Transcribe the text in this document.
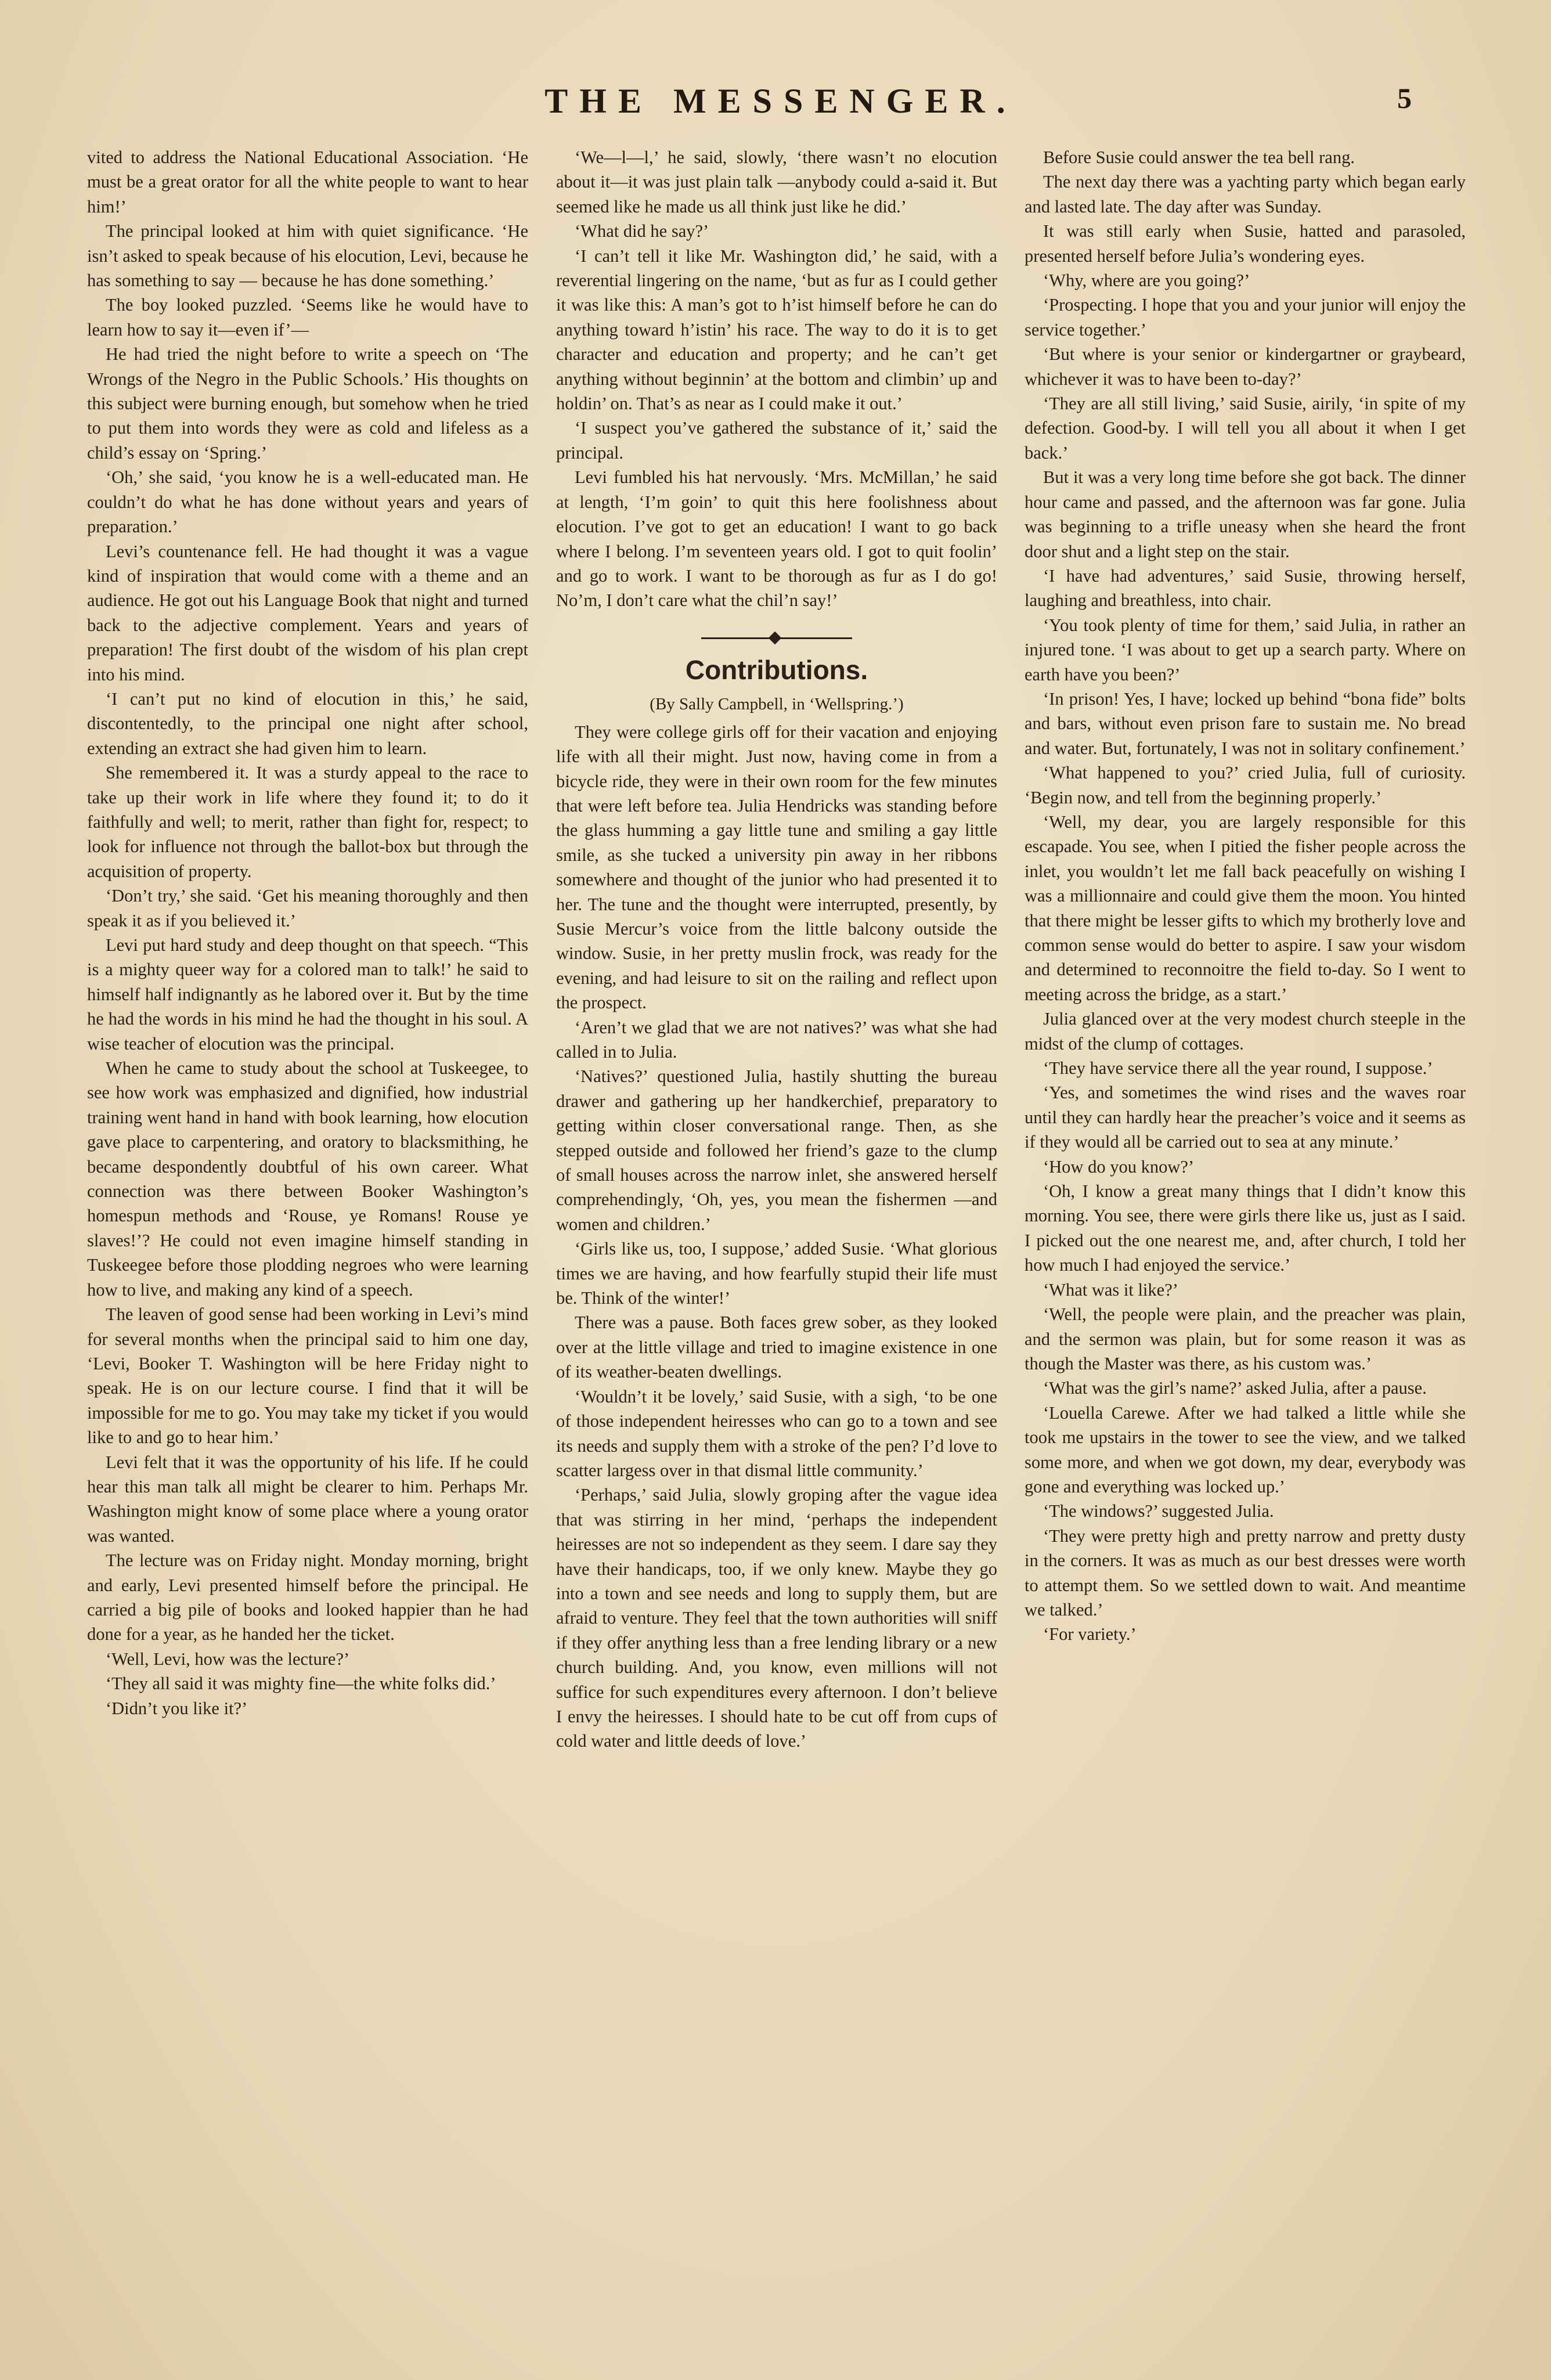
THE MESSENGER.	5

vited to address the National Educational Association. ‘He must be a great orator for all the white people to want to hear him!’

The principal looked at him with quiet significance. ‘He isn’t asked to speak because of his elocution, Levi, because he has something to say — because he has done something.’

The boy looked puzzled. ‘Seems like he would have to learn how to say it—even if’—

He had tried the night before to write a speech on ‘The Wrongs of the Negro in the Public Schools.’ His thoughts on this subject were burning enough, but somehow when he tried to put them into words they were as cold and lifeless as a child’s essay on ‘Spring.’

‘Oh,’ she said, ‘you know he is a well-educated man. He couldn’t do what he has done without years and years of preparation.’

Levi’s countenance fell. He had thought it was a vague kind of inspiration that would come with a theme and an audience. He got out his Language Book that night and turned back to the adjective complement. Years and years of preparation! The first doubt of the wisdom of his plan crept into his mind.

‘I can’t put no kind of elocution in this,’ he said, discontentedly, to the principal one night after school, extending an extract she had given him to learn.

She remembered it. It was a sturdy appeal to the race to take up their work in life where they found it; to do it faithfully and well; to merit, rather than fight for, respect; to look for influence not through the ballot-box but through the acquisition of property.

‘Don’t try,’ she said. ‘Get his meaning thoroughly and then speak it as if you believed it.’

Levi put hard study and deep thought on that speech. “This is a mighty queer way for a colored man to talk!’ he said to himself half indignantly as he labored over it. But by the time he had the words in his mind he had the thought in his soul. A wise teacher of elocution was the principal.

When he came to study about the school at Tuskeegee, to see how work was emphasized and dignified, how industrial training went hand in hand with book learning, how elocution gave place to carpentering, and oratory to blacksmithing, he became despondently doubtful of his own career. What connection was there between Booker Washington’s homespun methods and ‘Rouse, ye Romans! Rouse ye slaves!’? He could not even imagine himself standing in Tuskeegee before those plodding negroes who were learning how to live, and making any kind of a speech.

The leaven of good sense had been working in Levi’s mind for several months when the principal said to him one day, ‘Levi, Booker T. Washington will be here Friday night to speak. He is on our lecture course. I find that it will be impossible for me to go. You may take my ticket if you would like to and go to hear him.’

Levi felt that it was the opportunity of his life. If he could hear this man talk all might be clearer to him. Perhaps Mr. Washington might know of some place where a young orator was wanted.

The lecture was on Friday night. Monday morning, bright and early, Levi presented himself before the principal. He carried a big pile of books and looked happier than he had done for a year, as he handed her the ticket.

‘Well, Levi, how was the lecture?’

‘They all said it was mighty fine—the white folks did.’

‘Didn’t you like it?’

‘We—l—l,’ he said, slowly, ‘there wasn’t no elocution about it—it was just plain talk —anybody could a-said it. But seemed like he made us all think just like he did.’

‘What did he say?’

‘I can’t tell it like Mr. Washington did,’ he said, with a reverential lingering on the name, ‘but as fur as I could gether it was like this: A man’s got to h’ist himself before he can do anything toward h’istin’ his race. The way to do it is to get character and education and property; and he can’t get anything without beginnin’ at the bottom and climbin’ up and holdin’ on. That’s as near as I could make it out.’

‘I suspect you’ve gathered the substance of it,’ said the principal.

Levi fumbled his hat nervously. ‘Mrs. McMillan,’ he said at length, ‘I’m goin’ to quit this here foolishness about elocution. I’ve got to get an education! I want to go back where I belong. I’m seventeen years old. I got to quit foolin’ and go to work. I want to be thorough as fur as I do go! No’m, I don’t care what the chil’n say!’

Contributions.
(By Sally Campbell, in ‘Wellspring.’)

They were college girls off for their vacation and enjoying life with all their might. Just now, having come in from a bicycle ride, they were in their own room for the few minutes that were left before tea. Julia Hendricks was standing before the glass humming a gay little tune and smiling a gay little smile, as she tucked a university pin away in her ribbons somewhere and thought of the junior who had presented it to her. The tune and the thought were interrupted, presently, by Susie Mercur’s voice from the little balcony outside the window. Susie, in her pretty muslin frock, was ready for the evening, and had leisure to sit on the railing and reflect upon the prospect.

‘Aren’t we glad that we are not natives?’ was what she had called in to Julia.

‘Natives?’ questioned Julia, hastily shutting the bureau drawer and gathering up her handkerchief, preparatory to getting within closer conversational range. Then, as she stepped outside and followed her friend’s gaze to the clump of small houses across the narrow inlet, she answered herself comprehendingly, ‘Oh, yes, you mean the fishermen —and women and children.’

‘Girls like us, too, I suppose,’ added Susie. ‘What glorious times we are having, and how fearfully stupid their life must be. Think of the winter!’

There was a pause. Both faces grew sober, as they looked over at the little village and tried to imagine existence in one of its weather-beaten dwellings.

‘Wouldn’t it be lovely,’ said Susie, with a sigh, ‘to be one of those independent heiresses who can go to a town and see its needs and supply them with a stroke of the pen? I’d love to scatter largess over in that dismal little community.’

‘Perhaps,’ said Julia, slowly groping after the vague idea that was stirring in her mind, ‘perhaps the independent heiresses are not so independent as they seem. I dare say they have their handicaps, too, if we only knew. Maybe they go into a town and see needs and long to supply them, but are afraid to venture. They feel that the town authorities will sniff if they offer anything less than a free lending library or a new church building. And, you know, even millions will not suffice for such expenditures every afternoon. I don’t believe I envy the heiresses. I should hate to be cut off from cups of cold water and little deeds of love.’

Before Susie could answer the tea bell rang.

The next day there was a yachting party which began early and lasted late. The day after was Sunday.

It was still early when Susie, hatted and parasoled, presented herself before Julia’s wondering eyes.

‘Why, where are you going?’

‘Prospecting. I hope that you and your junior will enjoy the service together.’

‘But where is your senior or kindergartner or graybeard, whichever it was to have been to-day?’

‘They are all still living,’ said Susie, airily, ‘in spite of my defection. Good-by. I will tell you all about it when I get back.’

But it was a very long time before she got back. The dinner hour came and passed, and the afternoon was far gone. Julia was beginning to a trifle uneasy when she heard the front door shut and a light step on the stair.

‘I have had adventures,’ said Susie, throwing herself, laughing and breathless, into chair.

‘You took plenty of time for them,’ said Julia, in rather an injured tone. ‘I was about to get up a search party. Where on earth have you been?’

‘In prison! Yes, I have; locked up behind “bona fide” bolts and bars, without even prison fare to sustain me. No bread and water. But, fortunately, I was not in solitary confinement.’

‘What happened to you?’ cried Julia, full of curiosity. ‘Begin now, and tell from the beginning properly.’

‘Well, my dear, you are largely responsible for this escapade. You see, when I pitied the fisher people across the inlet, you wouldn’t let me fall back peacefully on wishing I was a millionnaire and could give them the moon. You hinted that there might be lesser gifts to which my brotherly love and common sense would do better to aspire. I saw your wisdom and determined to reconnoitre the field to-day. So I went to meeting across the bridge, as a start.’

Julia glanced over at the very modest church steeple in the midst of the clump of cottages.

‘They have service there all the year round, I suppose.’

‘Yes, and sometimes the wind rises and the waves roar until they can hardly hear the preacher’s voice and it seems as if they would all be carried out to sea at any minute.’

‘How do you know?’

‘Oh, I know a great many things that I didn’t know this morning. You see, there were girls there like us, just as I said. I picked out the one nearest me, and, after church, I told her how much I had enjoyed the service.’

‘What was it like?’

‘Well, the people were plain, and the preacher was plain, and the sermon was plain, but for some reason it was as though the Master was there, as his custom was.’

‘What was the girl’s name?’ asked Julia, after a pause.

‘Louella Carewe. After we had talked a little while she took me upstairs in the tower to see the view, and we talked some more, and when we got down, my dear, everybody was gone and everything was locked up.’

‘The windows?’ suggested Julia.

‘They were pretty high and pretty narrow and pretty dusty in the corners. It was as much as our best dresses were worth to attempt them. So we settled down to wait. And meantime we talked.’

‘For variety.’
